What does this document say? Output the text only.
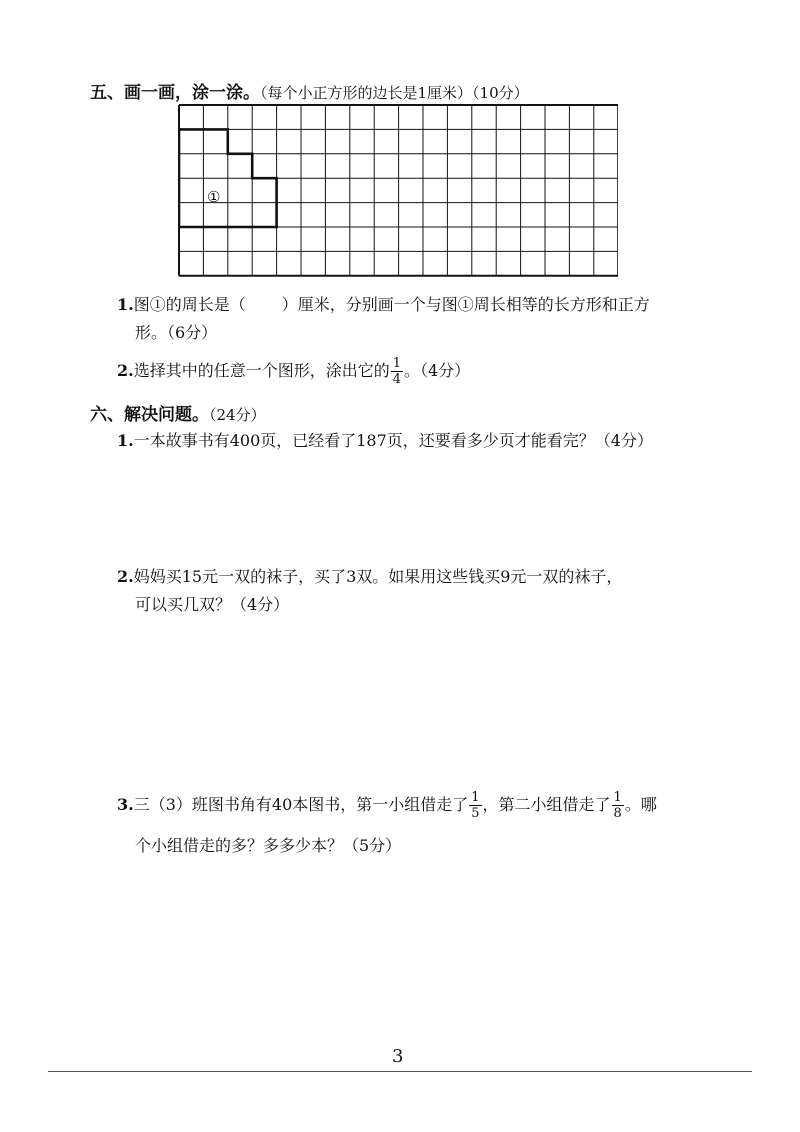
五、画一画，涂一涂。（每个小正方形的边长是1厘米）（10分）
①
1.图①的周长是（ ）厘米，分别画一个与图①周长相等的长方形和正方
形。（6分）
2.选择其中的任意一个图形，涂出它的 $\frac{1}{4}$ 。（4分）
六、解决问题。（24分）
1.一本故事书有400页，已经看了187页，还要看多少页才能看完？（4分）
2.妈妈买15元一双的袜子，买了3双。如果用这些钱买9元一双的袜子，
可以买几双？（4分）
3.三（3）班图书角有40本图书，第一小组借走了 $\frac{1}{5}$ ，第二小组借走了 $\frac{1}{8}$ 。哪
个小组借走的多？多多少本？（5分）
3
